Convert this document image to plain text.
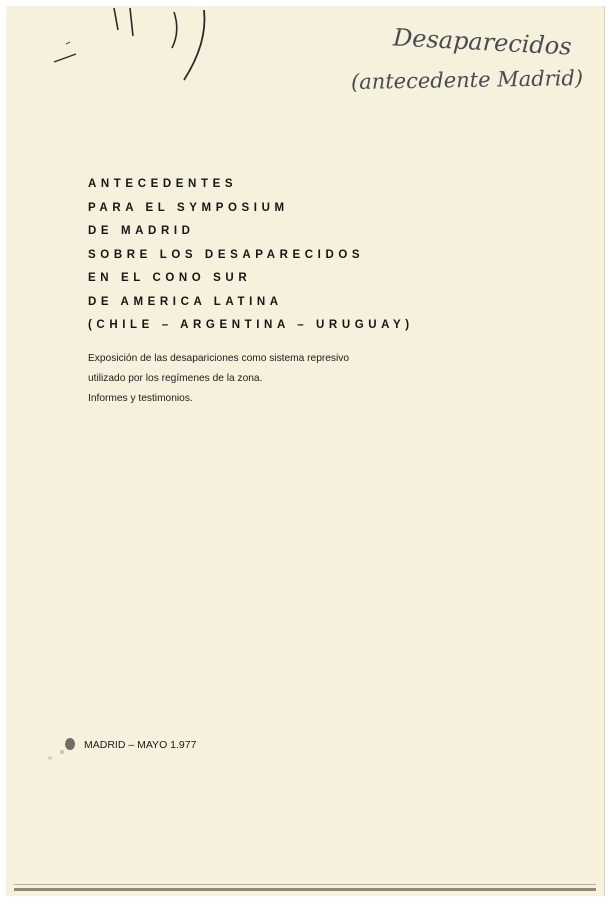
Desaparecidos
(antecedente Madrid)
ANTECEDENTES
PARA EL SYMPOSIUM
DE MADRID
SOBRE LOS DESAPARECIDOS
EN EL CONO SUR
DE AMERICA LATINA
(CHILE – ARGENTINA – URUGUAY)
Exposición de las desapariciones como sistema represivo
utilizado por los regímenes de la zona.
Informes y testimonios.
MADRID – MAYO 1.977
